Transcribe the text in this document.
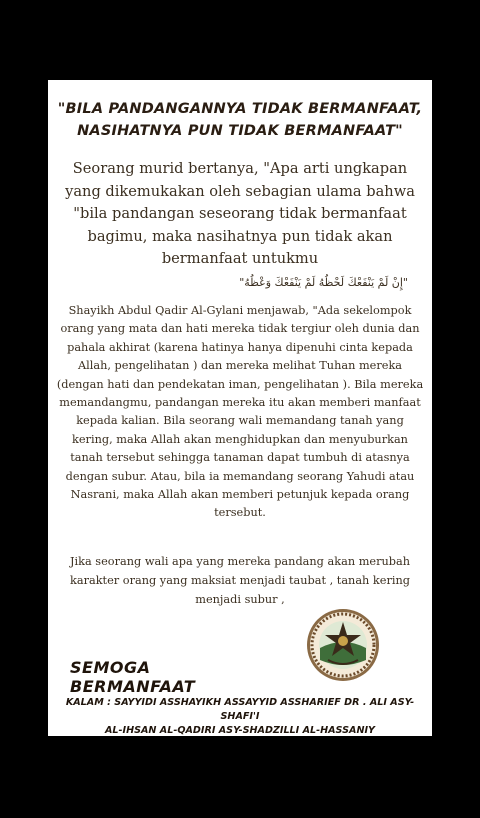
"BILA PANDANGANNYA TIDAK BERMANFAAT,
NASIHATNYA PUN TIDAK BERMANFAAT"
Seorang murid bertanya, "Apa arti ungkapan yang dikemukakan oleh sebagian ulama bahwa "bila pandangan seseorang tidak bermanfaat bagimu, maka nasihatnya pun tidak akan bermanfaat untukmu
"إِنْ لَمْ يَنْفَعْكَ لَحْظُهُ لَمْ يَنْفَعْكَ وَعْظُهُ"
Shayikh Abdul Qadir Al-Gylani menjawab, "Ada sekelompok orang yang mata dan hati mereka tidak tergiur oleh dunia dan pahala akhirat (karena hatinya hanya dipenuhi cinta kepada Allah, pengelihatan ) dan mereka melihat Tuhan mereka (dengan hati dan pendekatan iman, pengelihatan ). Bila mereka memandangmu, pandangan mereka itu akan memberi manfaat kepada kalian. Bila seorang wali memandang tanah yang kering, maka Allah akan menghidupkan dan menyuburkan tanah tersebut sehingga tanaman dapat tumbuh di atasnya dengan subur. Atau, bila ia memandang seorang Yahudi atau Nasrani, maka Allah akan memberi petunjuk kepada orang tersebut.
Jika seorang wali apa yang mereka pandang akan merubah karakter orang yang maksiat menjadi taubat , tanah kering menjadi subur ,
SEMOGA BERMANFAAT
KALAM : SAYYIDI ASSHAYIKH ASSAYYID ASSHARIEF DR . ALI ASY-SHAFI'I
AL-IHSAN AL-QADIRI ASY-SHADZILLI AL-HASSANIY
